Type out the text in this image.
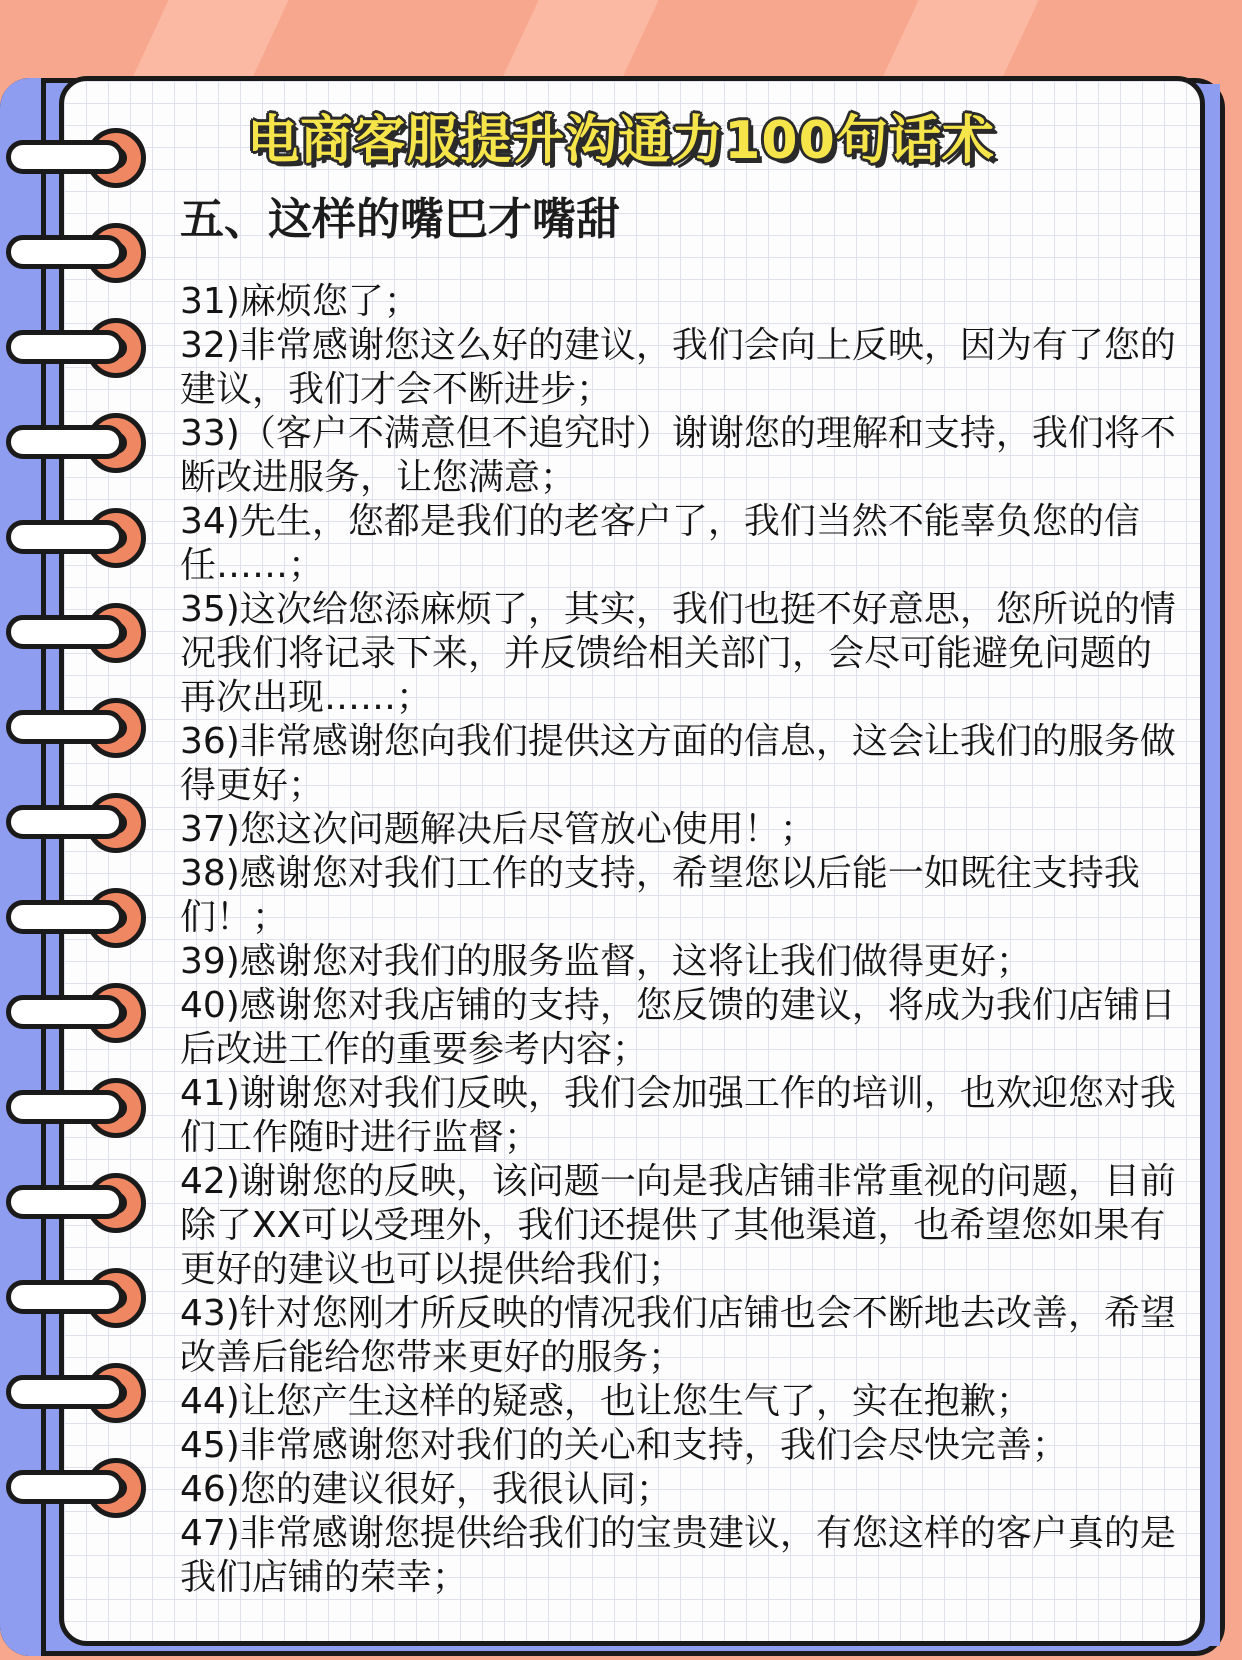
电商客服提升沟通力100句话术
五、这样的嘴巴才嘴甜

31)麻烦您了；

32)非常感谢您这么好的建议，我们会向上反映，因为有了您的建议，我们才会不断进步；

33)（客户不满意但不追究时）谢谢您的理解和支持，我们将不断改进服务，让您满意；

34)先生，您都是我们的老客户了，我们当然不能辜负您的信任……；

35)这次给您添麻烦了，其实，我们也挺不好意思，您所说的情况我们将记录下来，并反馈给相关部门，会尽可能避免问题的再次出现……；

36)非常感谢您向我们提供这方面的信息，这会让我们的服务做得更好；

37)您这次问题解决后尽管放心使用！；

38)感谢您对我们工作的支持，希望您以后能一如既往支持我们！；

39)感谢您对我们的服务监督，这将让我们做得更好；

40)感谢您对我店铺的支持，您反馈的建议，将成为我们店铺日后改进工作的重要参考内容；

41)谢谢您对我们反映，我们会加强工作的培训，也欢迎您对我们工作随时进行监督；

42)谢谢您的反映，该问题一向是我店铺非常重视的问题，目前除了XX可以受理外，我们还提供了其他渠道，也希望您如果有更好的建议也可以提供给我们；

43)针对您刚才所反映的情况我们店铺也会不断地去改善，希望改善后能给您带来更好的服务；

44)让您产生这样的疑惑，也让您生气了，实在抱歉；

45)非常感谢您对我们的关心和支持，我们会尽快完善；

46)您的建议很好，我很认同；

47)非常感谢您提供给我们的宝贵建议，有您这样的客户真的是我们店铺的荣幸；
